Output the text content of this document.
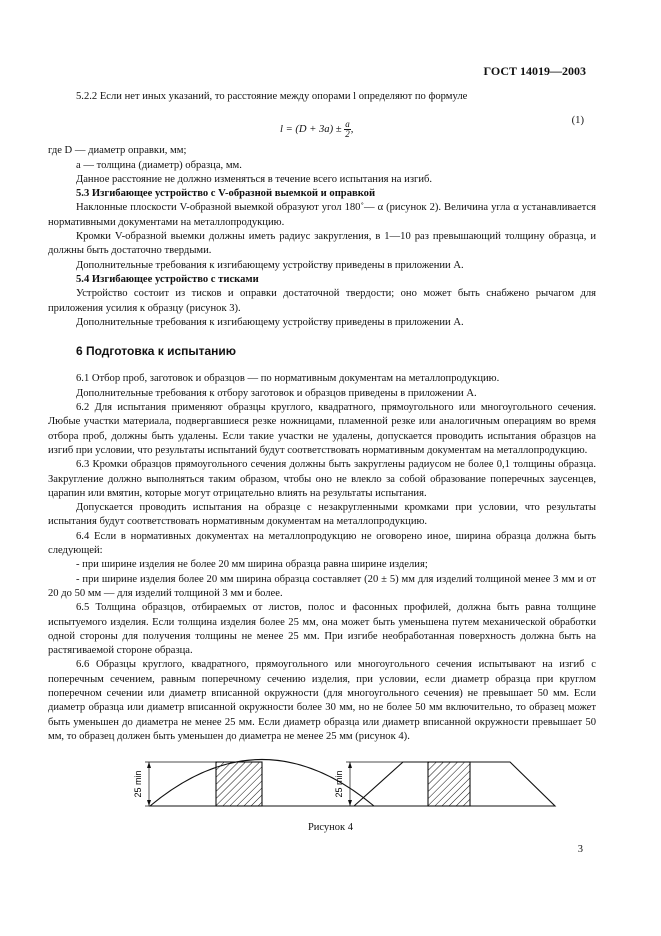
ГОСТ 14019—2003

5.2.2 Если нет иных указаний, то расстояние между опорами l определяют по формуле

$l = (D + 3a) \pm \frac{a}{2}$ ,
(1)

где D — диаметр оправки, мм;

a — толщина (диаметр) образца, мм.

Данное расстояние не должно изменяться в течение всего испытания на изгиб.

5.3 Изгибающее устройство с V-образной выемкой и оправкой

Наклонные плоскости V-образной выемкой образуют угол 180˚— α (рисунок 2). Величина угла α устанавливается нормативными документами на металлопродукцию.

Кромки V-образной выемки должны иметь радиус закругления, в 1—10 раз превышающий толщину образца, и должны быть достаточно твердыми.

Дополнительные требования к изгибающему устройству приведены в приложении А.

5.4 Изгибающее устройство с тисками

Устройство состоит из тисков и оправки достаточной твердости; оно может быть снабжено рычагом для приложения усилия к образцу (рисунок 3).

Дополнительные требования к изгибающему устройству приведены в приложении А.

6 Подготовка к испытанию

6.1 Отбор проб, заготовок и образцов — по нормативным документам на металлопродукцию.

Дополнительные требования к отбору заготовок и образцов приведены в приложении А.

6.2 Для испытания применяют образцы круглого, квадратного, прямоугольного или многоугольного сечения. Любые участки материала, подвергавшиеся резке ножницами, пламенной резке или аналогичным операциям во время отбора проб, должны быть удалены. Если такие участки не удалены, допускается проводить испытания образцов на изгиб при условии, что результаты испытаний будут соответствовать нормативным документам на металлопродукцию.

6.3 Кромки образцов прямоугольного сечения должны быть закруглены радиусом не более 0,1 толщины образца. Закругление должно выполняться таким образом, чтобы оно не влекло за собой образование поперечных заусенцев, царапин или вмятин, которые могут отрицательно влиять на результаты испытания.

Допускается проводить испытания на образце с незакругленными кромками при условии, что результаты испытания будут соответствовать нормативным документам на металлопродукцию.

6.4 Если в нормативных документах на металлопродукцию не оговорено иное, ширина образца должна быть следующей:

- при ширине изделия не более 20 мм ширина образца равна ширине изделия;

- при ширине изделия более 20 мм ширина образца составляет (20 ± 5) мм для изделий толщиной менее 3 мм и от 20 до 50 мм — для изделий толщиной 3 мм и более.

6.5 Толщина образцов, отбираемых от листов, полос и фасонных профилей, должна быть равна толщине испытуемого изделия. Если толщина изделия более 25 мм, она может быть уменьшена путем механической обработки одной стороны для получения толщины не менее 25 мм. При изгибе необработанная поверхность должна быть на растягиваемой стороне образца.

6.6 Образцы круглого, квадратного, прямоугольного или многоугольного сечения испытывают на изгиб с поперечным сечением, равным поперечному сечению изделия, при условии, если диаметр образца при круглом поперечном сечении или диаметр вписанной окружности (для многоугольного сечения) не превышает 50 мм. Если диаметр образца или диаметр вписанной окружности более 30 мм, но не более 50 мм включительно, то образец может быть уменьшен до диаметра не менее 25 мм. Если диаметр образца или диаметр вписанной окружности превышает 50 мм, то образец должен быть уменьшен до диаметра не менее 25 мм (рисунок 4).

25 min	25 min
Рисунок 4
3
